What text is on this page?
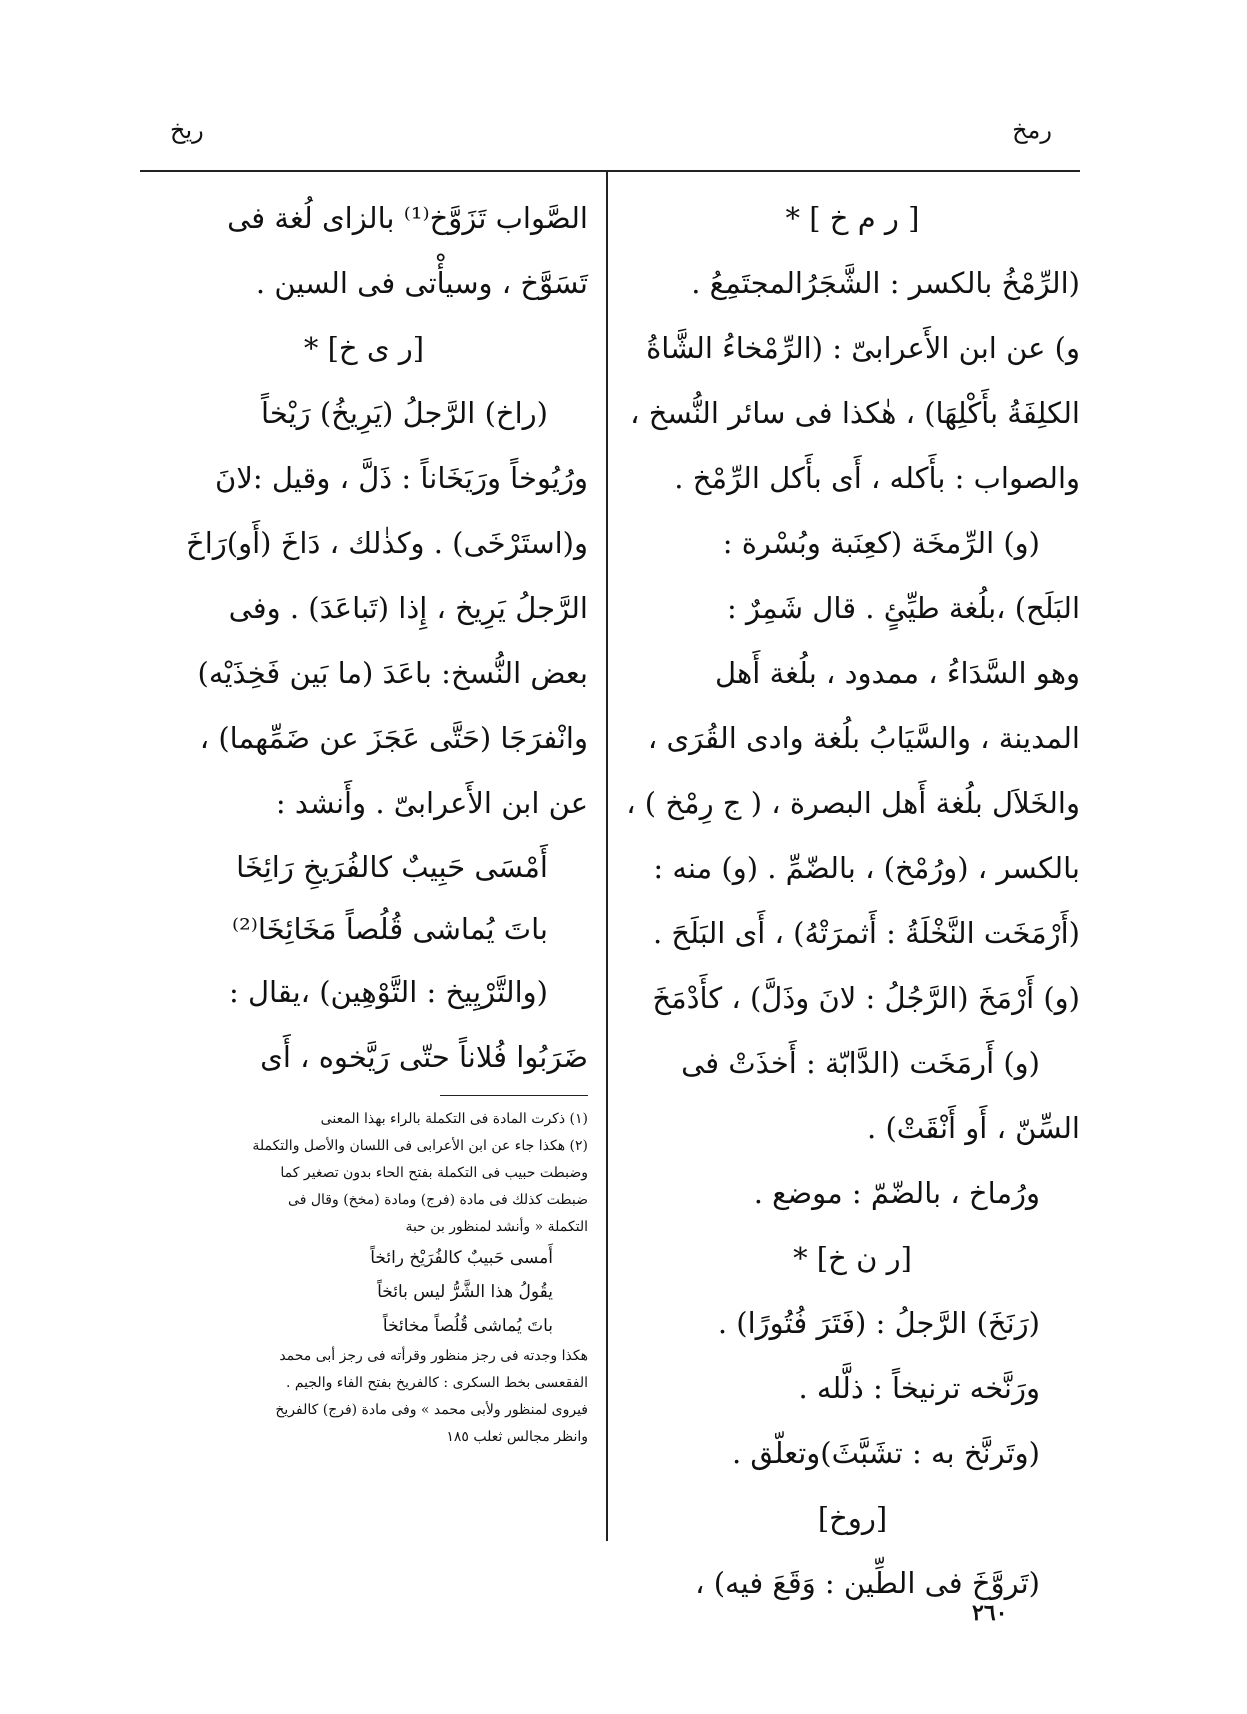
رمخ
ريخ
[ ر م خ ] *
(الرِّمْخُ بالكسر : الشَّجَرُالمجتَمِعُ .
و) عن ابن الأَعرابىّ : (الرِّمْخاءُ الشَّاةُ
الكلِفَةُ بأَكْلِهَا) ، هٰكذا فى سائر النُّسخ ،
والصواب : بأَكله ، أَى بأَكل الرِّمْخ .
(و) الرِّمخَة (كعِنَبة وبُسْرة :
البَلَح) ،بلُغة طيِّئٍ . قال شَمِرٌ :
وهو السَّدَاءُ ، ممدود ، بلُغة أَهل
المدينة ، والسَّيَابُ بلُغة وادى القُرَى ،
والخَلاَل بلُغة أَهل البصرة ، ( ج رِمْخ ) ،
بالكسر ، (ورُمْخ) ، بالضّمِّ . (و) منه :
(أَرْمَخَت النَّخْلَةُ : أَثمرَتْهُ) ، أَى البَلَحَ .
(و) أَرْمَخَ (الرَّجُلُ : لانَ وذَلَّ) ، كأَدْمَخَ
(و) أَرمَخَت (الدَّابّة : أَخذَتْ فى
السِّنّ ، أَو أَنْقَتْ) .
ورُماخ ، بالضّمّ : موضع .
[ر ن خ] *
(رَنَخَ) الرَّجلُ : (فَتَرَ فُتُورًا) .
ورَنَّخه ترنيخاً : ذلَّله .
(وتَرنَّخ به : تشَبَّثَ)وتعلّق .
[روخ]
(تَروَّخَ فى الطِّين : وَقَعَ فيه) ،
الصَّواب تَزَوَّخ⁽¹⁾ بالزاى لُغة فى
تَسَوَّخ ، وسيأْتى فى السين .
[ر ى خ] *
(راخ) الرَّجلُ (يَرِيخُ) رَيْخاً
ورُيُوخاً ورَيَخَاناً : ذَلَّ ، وقيل :لانَ
و(استَرْخَى) . وكذٰلك ، دَاخَ (أَو)رَاخَ
الرَّجلُ يَرِيخ ، إِذا (تَباعَدَ) . وفى
بعض النُّسخ: باعَدَ (ما بَين فَخِذَيْه)
وانْفرَجَا (حَتَّى عَجَزَ عن ضَمِّهما) ،
عن ابن الأَعرابىّ . وأَنشد :
أَمْسَى حَبِيبٌ كالفُرَيخِ رَائِخَا
باتَ يُماشى قُلُصاً مَخَائِخَا⁽²⁾
(والتَّرْيِيخ : التَّوْهِين) ،يقال :
ضَرَبُوا فُلاناً حتّى رَيَّخوه ، أَى
(١) ذكرت المادة فى التكملة بالراء بهذا المعنى
(٢) هكذا جاء عن ابن الأعرابى فى اللسان والأصل والتكملة
وضبطت حبيب فى التكملة بفتح الحاء بدون تصغير كما
ضبطت كذلك فى مادة (فرج) ومادة (مخخ) وقال فى
التكملة « وأنشد لمنظور بن حبة
أَمسى حَبيبٌ كالفُرَيْخ رائخاً
يقُولُ هذا الشَّرُّ ليس بائخاً
باتَ يُماشى قُلُصاً مخائخاً
هكذا وجدته فى رجز منظور وقرأته فى رجز أبى محمد
الفقعسى بخط السكرى : كالفريخ بفتح الفاء والجيم .
فيروى لمنظور ولأبى محمد » وفى مادة (فرج) كالفريخ
وانظر مجالس ثعلب ١٨٥
٢٦٠
